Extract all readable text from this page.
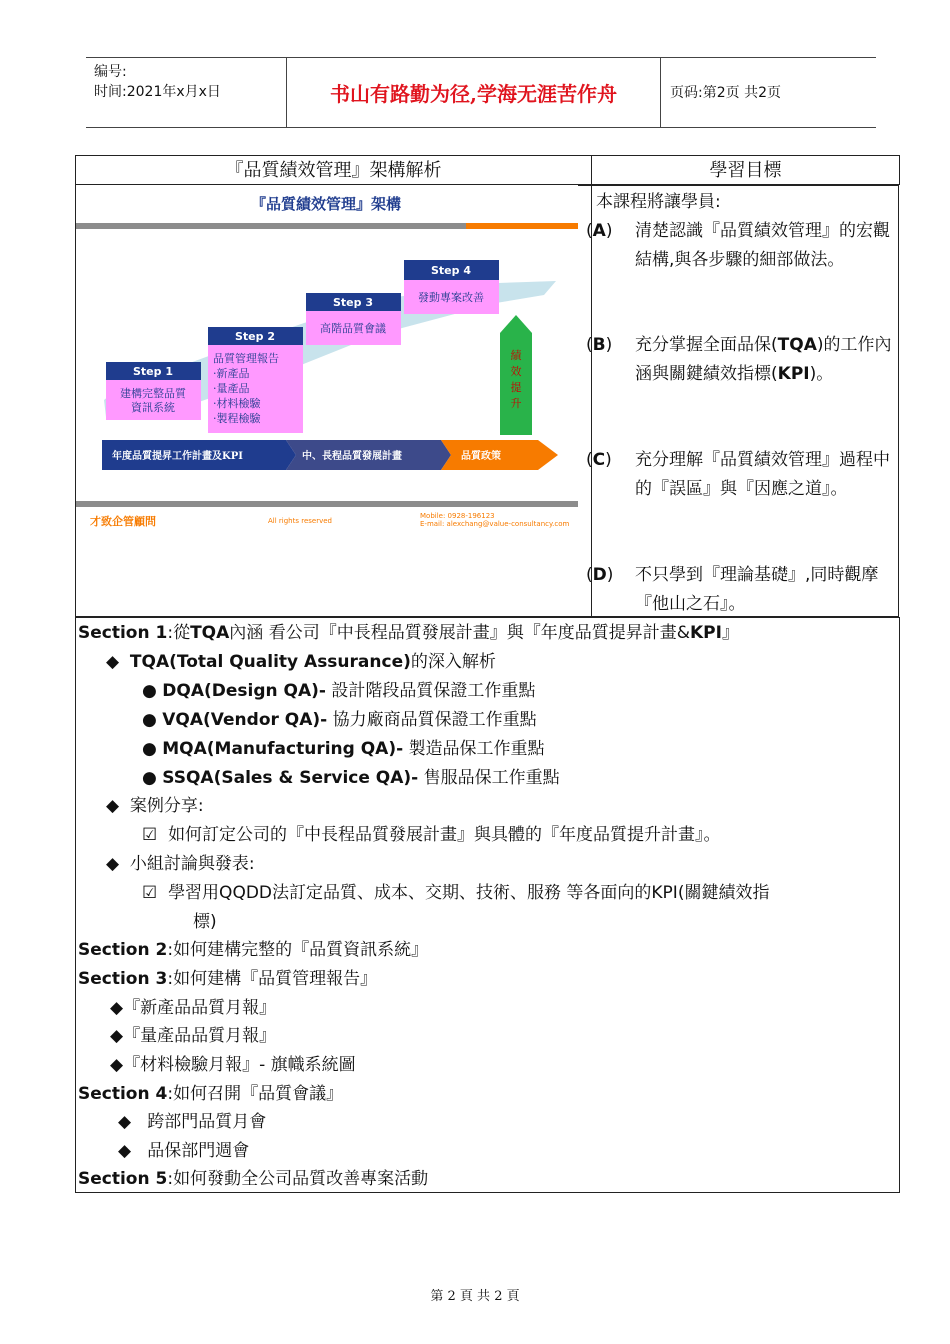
编号:
时间:2021年x月x日	书山有路勤为径,学海无涯苦作舟	页码:第2页 共2页
『品質績效管理』架構解析	學習目標
『品質績效管理』架構
Step 1
建構完整品質
資訊系統
Step 2
品質管理報告
·新產品
·量產品
·材料檢驗
·製程檢驗
Step 3
高階品質會議
Step 4
發動專案改善
績
效
提
升
年度品質提昇工作計畫及KPI	中、長程品質發展計畫	品質政策
才致企管顧問	All rights reserved
Mobile: 0928-196123
E-mail: alexchang@value-consultancy.com
本課程將讓學員:
(A) 清楚認識『品質績效管理』的宏觀結構,與各步驟的細部做法。
(B) 充分掌握全面品保(TQA)的工作內涵與關鍵績效指標(KPI)。
(C) 充分理解『品質績效管理』過程中的『誤區』與『因應之道』。
(D) 不只學到『理論基礎』,同時觀摩『他山之石』。
Section 1:從TQA內涵 看公司『中長程品質發展計畫』與『年度品質提昇計畫&KPI』
◆ TQA(Total Quality Assurance)的深入解析
● DQA(Design QA)- 設計階段品質保證工作重點
● VQA(Vendor QA)- 協力廠商品質保證工作重點
● MQA(Manufacturing QA)- 製造品保工作重點
● SSQA(Sales & Service QA)- 售服品保工作重點
◆ 案例分享:
☑ 如何訂定公司的『中長程品質發展計畫』與具體的『年度品質提升計畫』。
◆ 小組討論與發表:
☑ 學習用QQDD法訂定品質、成本、交期、技術、服務 等各面向的KPI(關鍵績效指
標)
Section 2:如何建構完整的『品質資訊系統』
Section 3:如何建構『品質管理報告』
◆『新產品品質月報』
◆『量產品品質月報』
◆『材料檢驗月報』- 旗幟系統圖
Section 4:如何召開『品質會議』
◆ 跨部門品質月會
◆ 品保部門週會
Section 5:如何發動全公司品質改善專案活動
第 2 頁 共 2 頁
